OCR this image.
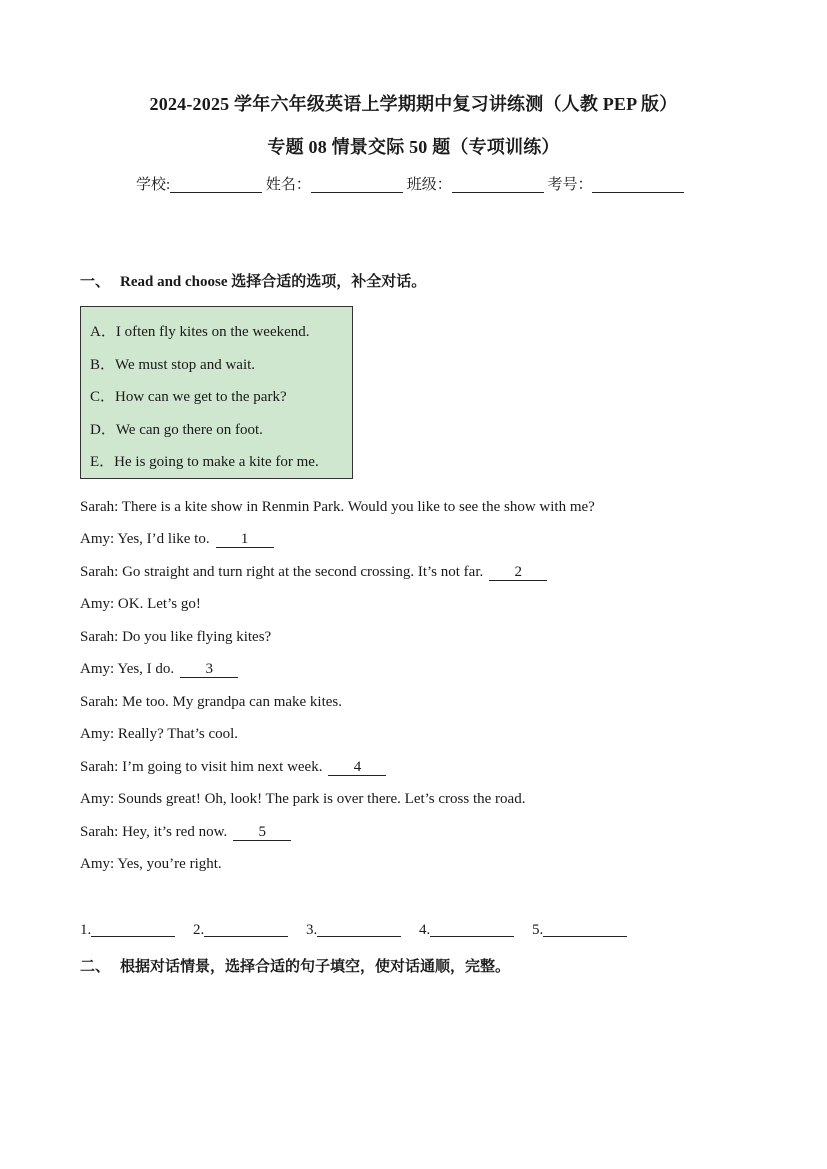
2024-2025 学年六年级英语上学期期中复习讲练测（人教 PEP 版）
专题 08 情景交际 50 题（专项训练）
学校:	姓名：	班级：	考号：
一、 Read and choose 选择合适的选项，补全对话。
A．I often fly kites on the weekend.
B．We must stop and wait.
C．How can we get to the park?
D．We can go there on foot.
E．He is going to make a kite for me.
Sarah: There is a kite show in Renmin Park. Would you like to see the show with me?
Amy: Yes, I’d like to. 1
Sarah: Go straight and turn right at the second crossing. It’s not far. 2
Amy: OK. Let’s go!
Sarah: Do you like flying kites?
Amy: Yes, I do. 3
Sarah: Me too. My grandpa can make kites.
Amy: Really? That’s cool.
Sarah: I’m going to visit him next week. 4
Amy: Sounds great! Oh, look! The park is over there. Let’s cross the road.
Sarah: Hey, it’s red now. 5
Amy: Yes, you’re right.
1.	2.	3.	4.	5.
二、 根据对话情景，选择合适的句子填空，使对话通顺，完整。
